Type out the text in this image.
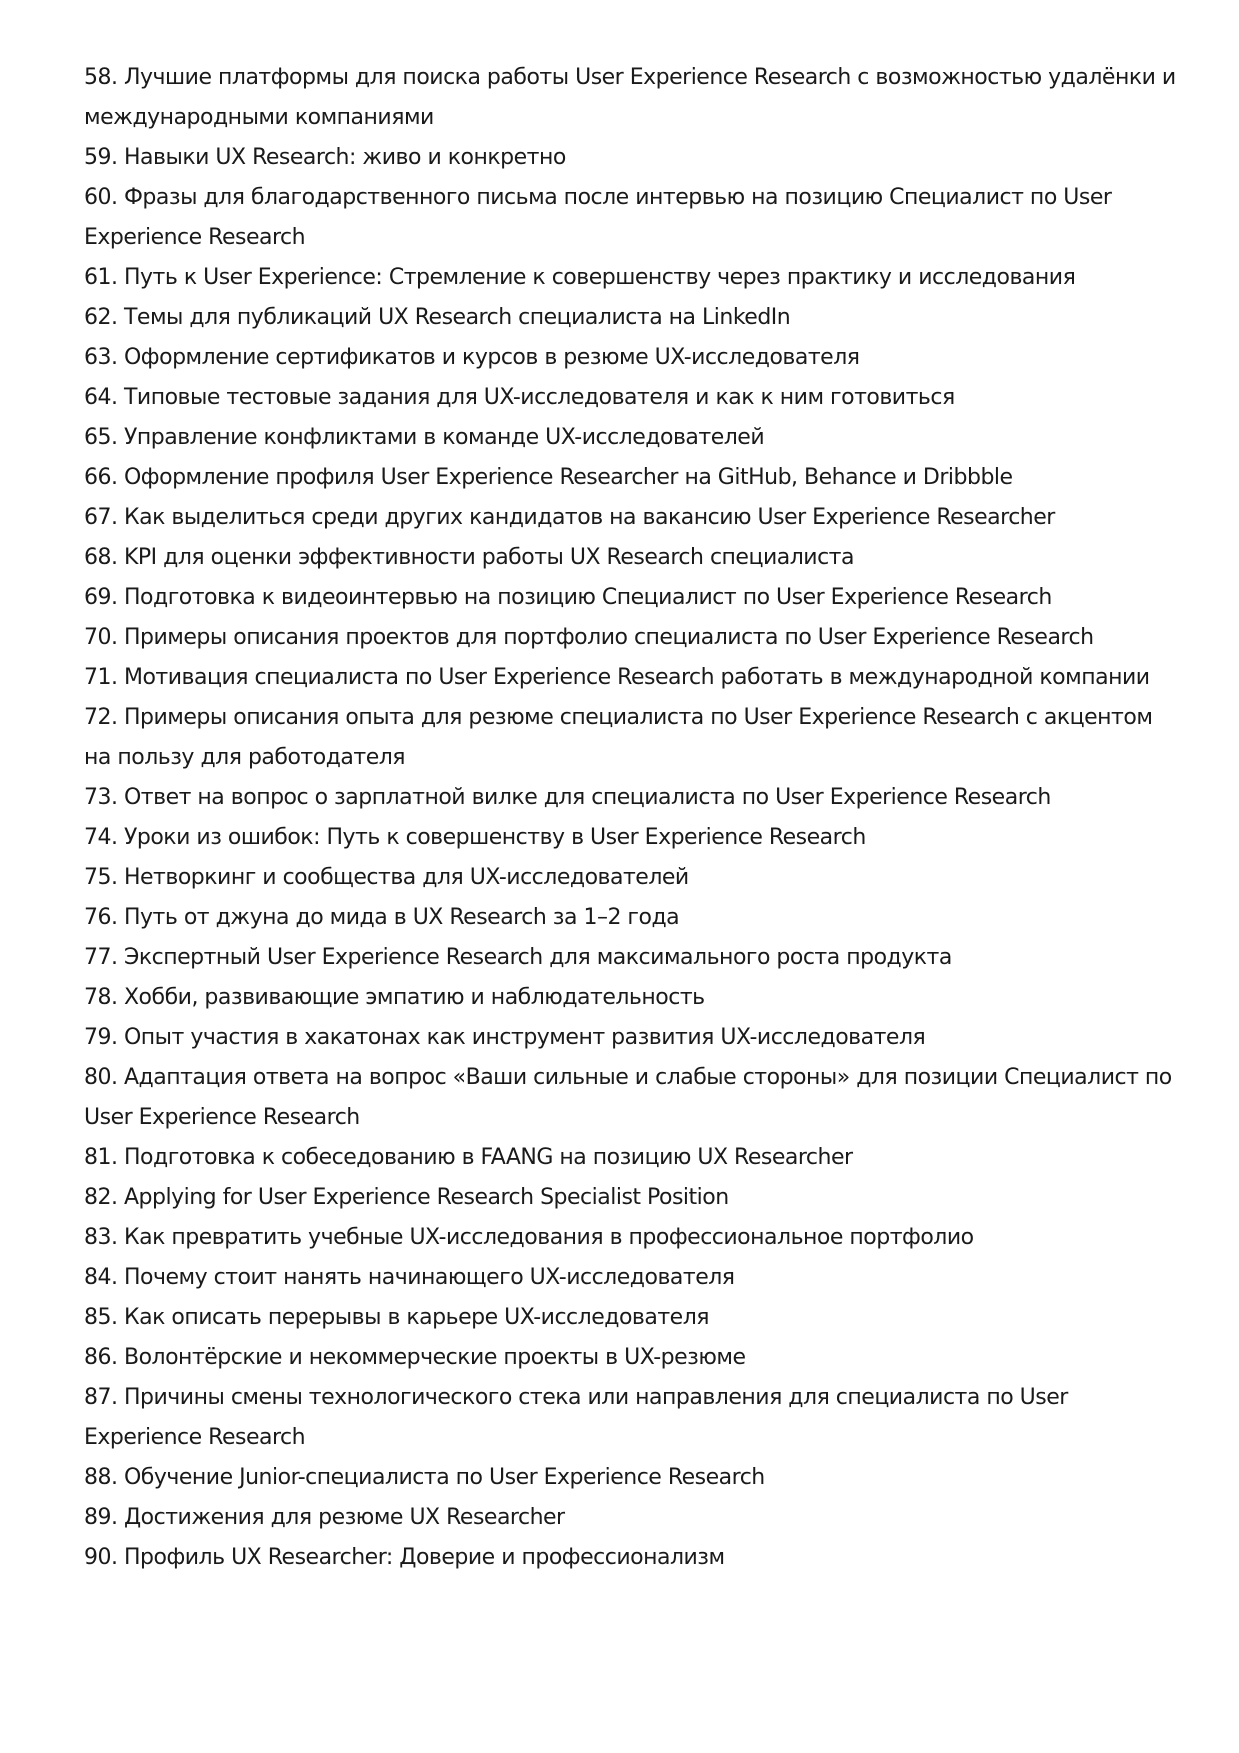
58. Лучшие платформы для поиска работы User Experience Research с возможностью удалёнки и международными компаниями

59. Навыки UX Research: живо и конкретно

60. Фразы для благодарственного письма после интервью на позицию Специалист по User Experience Research

61. Путь к User Experience: Стремление к совершенству через практику и исследования

62. Темы для публикаций UX Research специалиста на LinkedIn

63. Оформление сертификатов и курсов в резюме UX-исследователя

64. Типовые тестовые задания для UX-исследователя и как к ним готовиться

65. Управление конфликтами в команде UX-исследователей

66. Оформление профиля User Experience Researcher на GitHub, Behance и Dribbble

67. Как выделиться среди других кандидатов на вакансию User Experience Researcher

68. KPI для оценки эффективности работы UX Research специалиста

69. Подготовка к видеоинтервью на позицию Специалист по User Experience Research

70. Примеры описания проектов для портфолио специалиста по User Experience Research

71. Мотивация специалиста по User Experience Research работать в международной компании

72. Примеры описания опыта для резюме специалиста по User Experience Research с акцентом на пользу для работодателя

73. Ответ на вопрос о зарплатной вилке для специалиста по User Experience Research

74. Уроки из ошибок: Путь к совершенству в User Experience Research

75. Нетворкинг и сообщества для UX-исследователей

76. Путь от джуна до мида в UX Research за 1–2 года

77. Экспертный User Experience Research для максимального роста продукта

78. Хобби, развивающие эмпатию и наблюдательность

79. Опыт участия в хакатонах как инструмент развития UX-исследователя

80. Адаптация ответа на вопрос «Ваши сильные и слабые стороны» для позиции Специалист по User Experience Research

81. Подготовка к собеседованию в FAANG на позицию UX Researcher

82. Applying for User Experience Research Specialist Position

83. Как превратить учебные UX-исследования в профессиональное портфолио

84. Почему стоит нанять начинающего UX-исследователя

85. Как описать перерывы в карьере UX-исследователя

86. Волонтёрские и некоммерческие проекты в UX-резюме

87. Причины смены технологического стека или направления для специалиста по User Experience Research

88. Обучение Junior-специалиста по User Experience Research

89. Достижения для резюме UX Researcher

90. Профиль UX Researcher: Доверие и профессионализм
